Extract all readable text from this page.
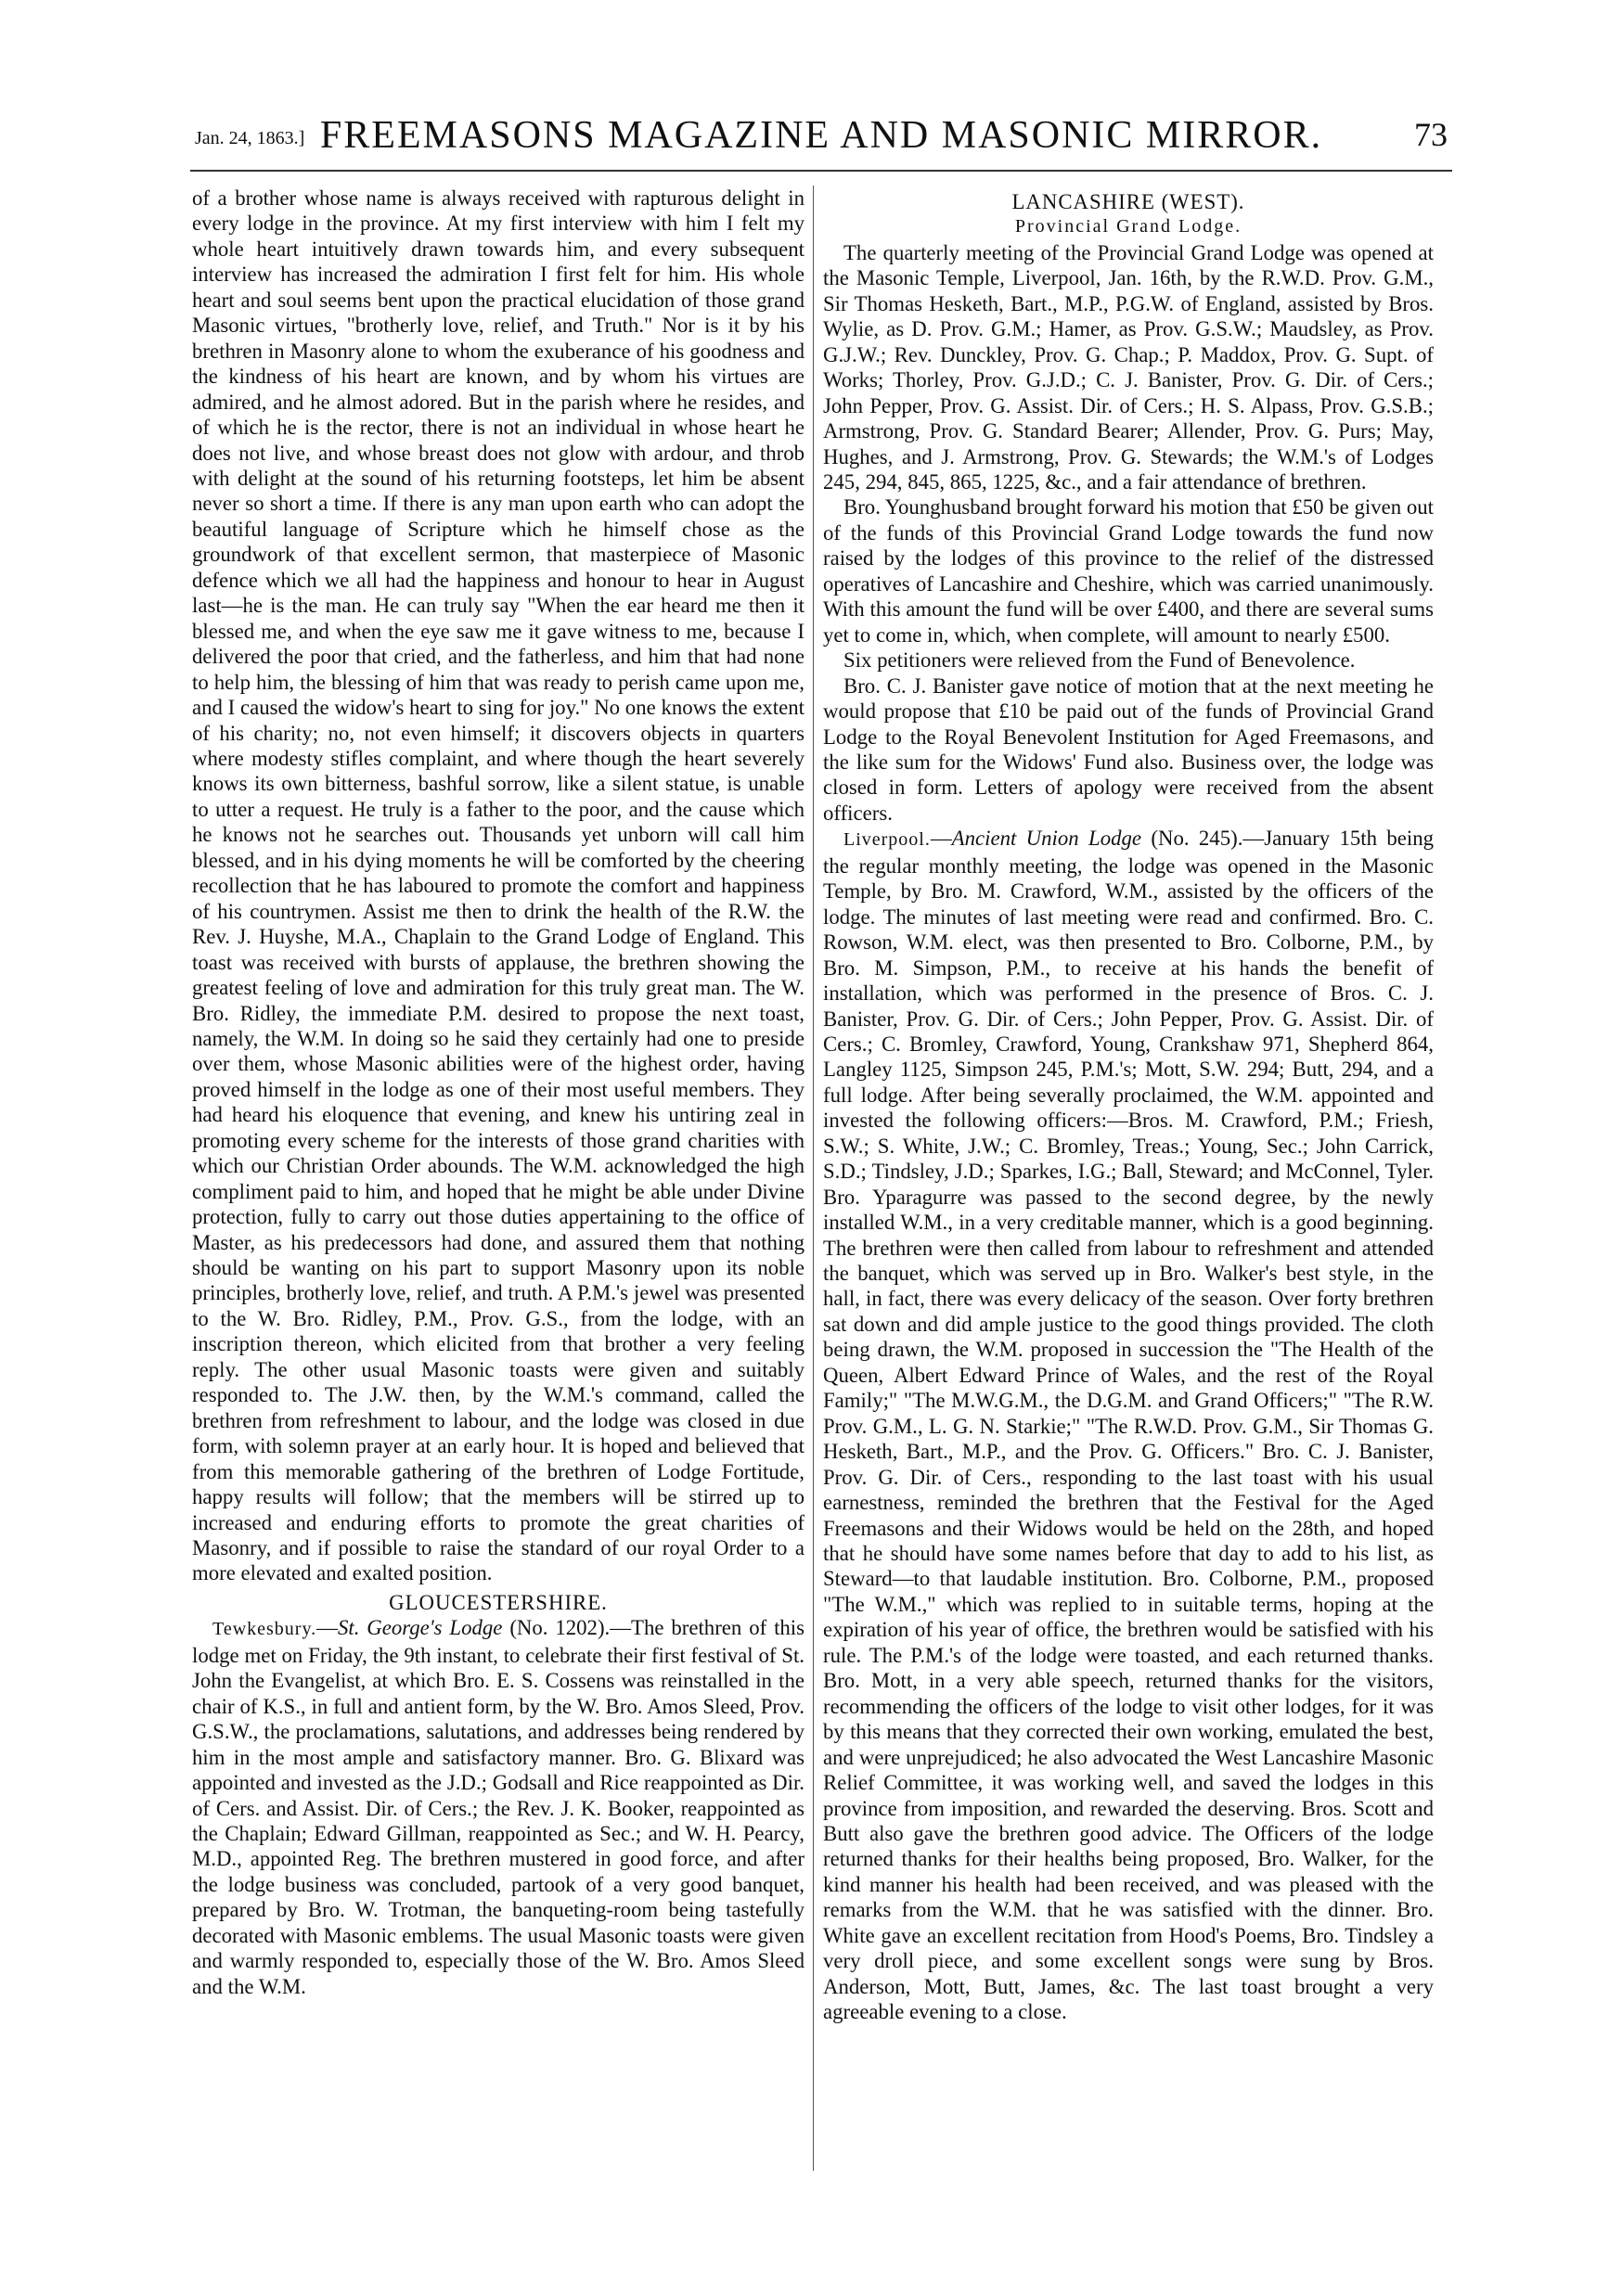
Jan. 24, 1863.] FREEMASONS MAGAZINE AND MASONIC MIRROR.	73

of a brother whose name is always received with rapturous delight in every lodge in the province. At my first interview with him I felt my whole heart intuitively drawn towards him, and every subsequent interview has increased the admiration I first felt for him. His whole heart and soul seems bent upon the practical elucidation of those grand Masonic virtues, "brotherly love, relief, and Truth." Nor is it by his brethren in Masonry alone to whom the exuberance of his goodness and the kindness of his heart are known, and by whom his virtues are admired, and he almost adored. But in the parish where he resides, and of which he is the rector, there is not an individual in whose heart he does not live, and whose breast does not glow with ardour, and throb with delight at the sound of his returning footsteps, let him be absent never so short a time. If there is any man upon earth who can adopt the beautiful language of Scripture which he himself chose as the groundwork of that excellent sermon, that masterpiece of Masonic defence which we all had the happiness and honour to hear in August last—he is the man. He can truly say "When the ear heard me then it blessed me, and when the eye saw me it gave witness to me, because I delivered the poor that cried, and the fatherless, and him that had none to help him, the blessing of him that was ready to perish came upon me, and I caused the widow's heart to sing for joy." No one knows the extent of his charity; no, not even himself; it discovers objects in quarters where modesty stifles complaint, and where though the heart severely knows its own bitterness, bashful sorrow, like a silent statue, is unable to utter a request. He truly is a father to the poor, and the cause which he knows not he searches out. Thousands yet unborn will call him blessed, and in his dying moments he will be comforted by the cheering recollection that he has laboured to promote the comfort and happiness of his countrymen. Assist me then to drink the health of the R.W. the Rev. J. Huyshe, M.A., Chaplain to the Grand Lodge of England. This toast was received with bursts of applause, the brethren showing the greatest feeling of love and admiration for this truly great man. The W. Bro. Ridley, the immediate P.M. desired to propose the next toast, namely, the W.M. In doing so he said they certainly had one to preside over them, whose Masonic abilities were of the highest order, having proved himself in the lodge as one of their most useful members. They had heard his eloquence that evening, and knew his untiring zeal in promoting every scheme for the interests of those grand charities with which our Christian Order abounds. The W.M. acknowledged the high compliment paid to him, and hoped that he might be able under Divine protection, fully to carry out those duties appertaining to the office of Master, as his predecessors had done, and assured them that nothing should be wanting on his part to support Masonry upon its noble principles, brotherly love, relief, and truth. A P.M.'s jewel was presented to the W. Bro. Ridley, P.M., Prov. G.S., from the lodge, with an inscription thereon, which elicited from that brother a very feeling reply. The other usual Masonic toasts were given and suitably responded to. The J.W. then, by the W.M.'s command, called the brethren from refreshment to labour, and the lodge was closed in due form, with solemn prayer at an early hour. It is hoped and believed that from this memorable gathering of the brethren of Lodge Fortitude, happy results will follow; that the members will be stirred up to increased and enduring efforts to promote the great charities of Masonry, and if possible to raise the standard of our royal Order to a more elevated and exalted position.

GLOUCESTERSHIRE.

Tewkesbury.—St. George's Lodge (No. 1202).—The brethren of this lodge met on Friday, the 9th instant, to celebrate their first festival of St. John the Evangelist, at which Bro. E. S. Cossens was reinstalled in the chair of K.S., in full and antient form, by the W. Bro. Amos Sleed, Prov. G.S.W., the proclamations, salutations, and addresses being rendered by him in the most ample and satisfactory manner. Bro. G. Blixard was appointed and invested as the J.D.; Godsall and Rice reappointed as Dir. of Cers. and Assist. Dir. of Cers.; the Rev. J. K. Booker, reappointed as the Chaplain; Edward Gillman, reappointed as Sec.; and W. H. Pearcy, M.D., appointed Reg. The brethren mustered in good force, and after the lodge business was concluded, partook of a very good banquet, prepared by Bro. W. Trotman, the banqueting-room being tastefully decorated with Masonic emblems. The usual Masonic toasts were given and warmly responded to, especially those of the W. Bro. Amos Sleed and the W.M.

LANCASHIRE (WEST).
Provincial Grand Lodge.

The quarterly meeting of the Provincial Grand Lodge was opened at the Masonic Temple, Liverpool, Jan. 16th, by the R.W.D. Prov. G.M., Sir Thomas Hesketh, Bart., M.P., P.G.W. of England, assisted by Bros. Wylie, as D. Prov. G.M.; Hamer, as Prov. G.S.W.; Maudsley, as Prov. G.J.W.; Rev. Dunckley, Prov. G. Chap.; P. Maddox, Prov. G. Supt. of Works; Thorley, Prov. G.J.D.; C. J. Banister, Prov. G. Dir. of Cers.; John Pepper, Prov. G. Assist. Dir. of Cers.; H. S. Alpass, Prov. G.S.B.; Armstrong, Prov. G. Standard Bearer; Allender, Prov. G. Purs; May, Hughes, and J. Armstrong, Prov. G. Stewards; the W.M.'s of Lodges 245, 294, 845, 865, 1225, &c., and a fair attendance of brethren.

Bro. Younghusband brought forward his motion that £50 be given out of the funds of this Provincial Grand Lodge towards the fund now raised by the lodges of this province to the relief of the distressed operatives of Lancashire and Cheshire, which was carried unanimously. With this amount the fund will be over £400, and there are several sums yet to come in, which, when complete, will amount to nearly £500.

Six petitioners were relieved from the Fund of Benevolence.

Bro. C. J. Banister gave notice of motion that at the next meeting he would propose that £10 be paid out of the funds of Provincial Grand Lodge to the Royal Benevolent Institution for Aged Freemasons, and the like sum for the Widows' Fund also. Business over, the lodge was closed in form. Letters of apology were received from the absent officers.

Liverpool.—Ancient Union Lodge (No. 245).—January 15th being the regular monthly meeting, the lodge was opened in the Masonic Temple, by Bro. M. Crawford, W.M., assisted by the officers of the lodge. The minutes of last meeting were read and confirmed. Bro. C. Rowson, W.M. elect, was then presented to Bro. Colborne, P.M., by Bro. M. Simpson, P.M., to receive at his hands the benefit of installation, which was performed in the presence of Bros. C. J. Banister, Prov. G. Dir. of Cers.; John Pepper, Prov. G. Assist. Dir. of Cers.; C. Bromley, Crawford, Young, Crankshaw 971, Shepherd 864, Langley 1125, Simpson 245, P.M.'s; Mott, S.W. 294; Butt, 294, and a full lodge. After being severally proclaimed, the W.M. appointed and invested the following officers:—Bros. M. Crawford, P.M.; Friesh, S.W.; S. White, J.W.; C. Bromley, Treas.; Young, Sec.; John Carrick, S.D.; Tindsley, J.D.; Sparkes, I.G.; Ball, Steward; and McConnel, Tyler. Bro. Yparagurre was passed to the second degree, by the newly installed W.M., in a very creditable manner, which is a good beginning. The brethren were then called from labour to refreshment and attended the banquet, which was served up in Bro. Walker's best style, in the hall, in fact, there was every delicacy of the season. Over forty brethren sat down and did ample justice to the good things provided. The cloth being drawn, the W.M. proposed in succession the "The Health of the Queen, Albert Edward Prince of Wales, and the rest of the Royal Family;" "The M.W.G.M., the D.G.M. and Grand Officers;" "The R.W. Prov. G.M., L. G. N. Starkie;" "The R.W.D. Prov. G.M., Sir Thomas G. Hesketh, Bart., M.P., and the Prov. G. Officers." Bro. C. J. Banister, Prov. G. Dir. of Cers., responding to the last toast with his usual earnestness, reminded the brethren that the Festival for the Aged Freemasons and their Widows would be held on the 28th, and hoped that he should have some names before that day to add to his list, as Steward—to that laudable institution. Bro. Colborne, P.M., proposed "The W.M.," which was replied to in suitable terms, hoping at the expiration of his year of office, the brethren would be satisfied with his rule. The P.M.'s of the lodge were toasted, and each returned thanks. Bro. Mott, in a very able speech, returned thanks for the visitors, recommending the officers of the lodge to visit other lodges, for it was by this means that they corrected their own working, emulated the best, and were unprejudiced; he also advocated the West Lancashire Masonic Relief Committee, it was working well, and saved the lodges in this province from imposition, and rewarded the deserving. Bros. Scott and Butt also gave the brethren good advice. The Officers of the lodge returned thanks for their healths being proposed, Bro. Walker, for the kind manner his health had been received, and was pleased with the remarks from the W.M. that he was satisfied with the dinner. Bro. White gave an excellent recitation from Hood's Poems, Bro. Tindsley a very droll piece, and some excellent songs were sung by Bros. Anderson, Mott, Butt, James, &c. The last toast brought a very agreeable evening to a close.
